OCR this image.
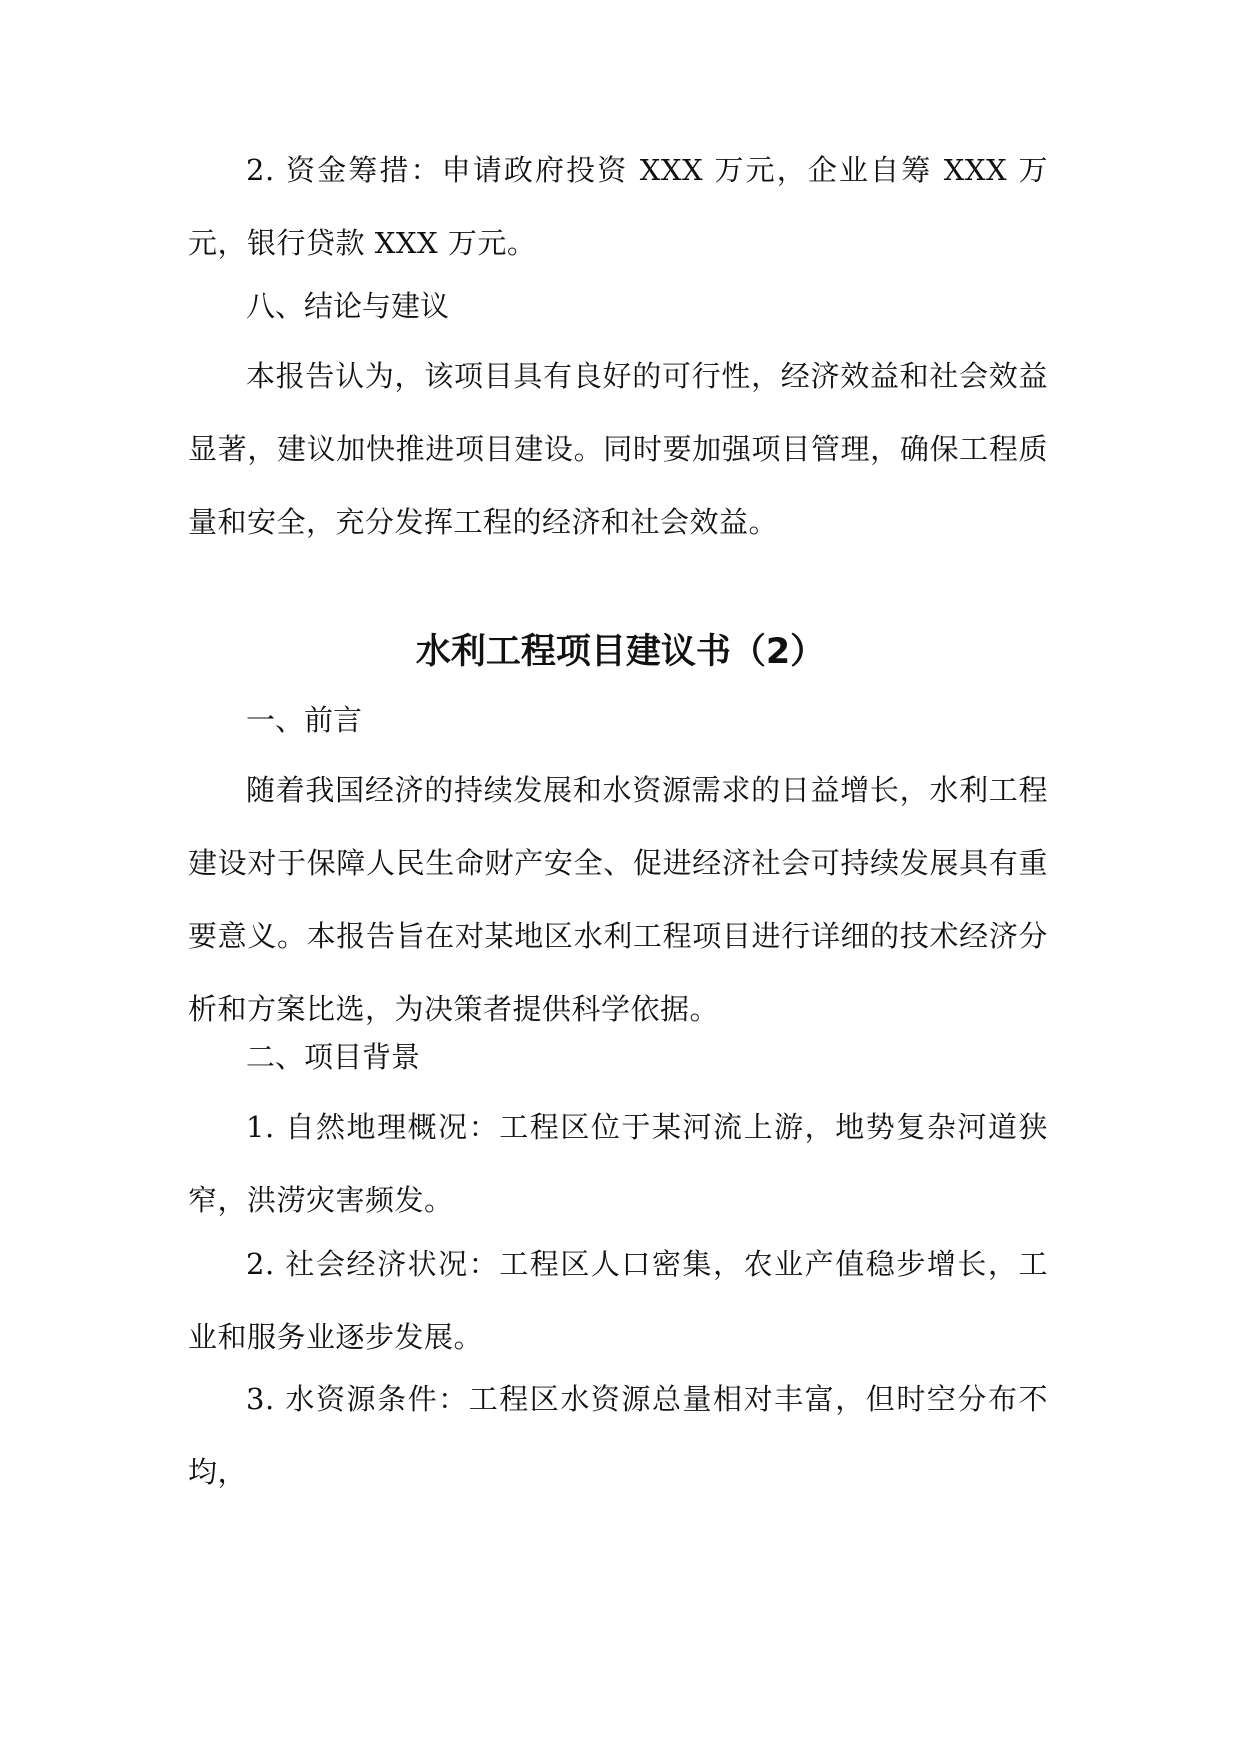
2. 资金筹措：申请政府投资 XXX 万元，企业自筹 XXX 万元，银行贷款 XXX 万元。

八、结论与建议

本报告认为，该项目具有良好的可行性，经济效益和社会效益显著，建议加快推进项目建设。同时要加强项目管理，确保工程质量和安全，充分发挥工程的经济和社会效益。

水利工程项目建议书（2）

一、前言

随着我国经济的持续发展和水资源需求的日益增长，水利工程建设对于保障人民生命财产安全、促进经济社会可持续发展具有重要意义。本报告旨在对某地区水利工程项目进行详细的技术经济分析和方案比选，为决策者提供科学依据。

二、项目背景

1. 自然地理概况：工程区位于某河流上游，地势复杂河道狭窄，洪涝灾害频发。

2. 社会经济状况：工程区人口密集，农业产值稳步增长，工业和服务业逐步发展。

3. 水资源条件：工程区水资源总量相对丰富，但时空分布不均，
